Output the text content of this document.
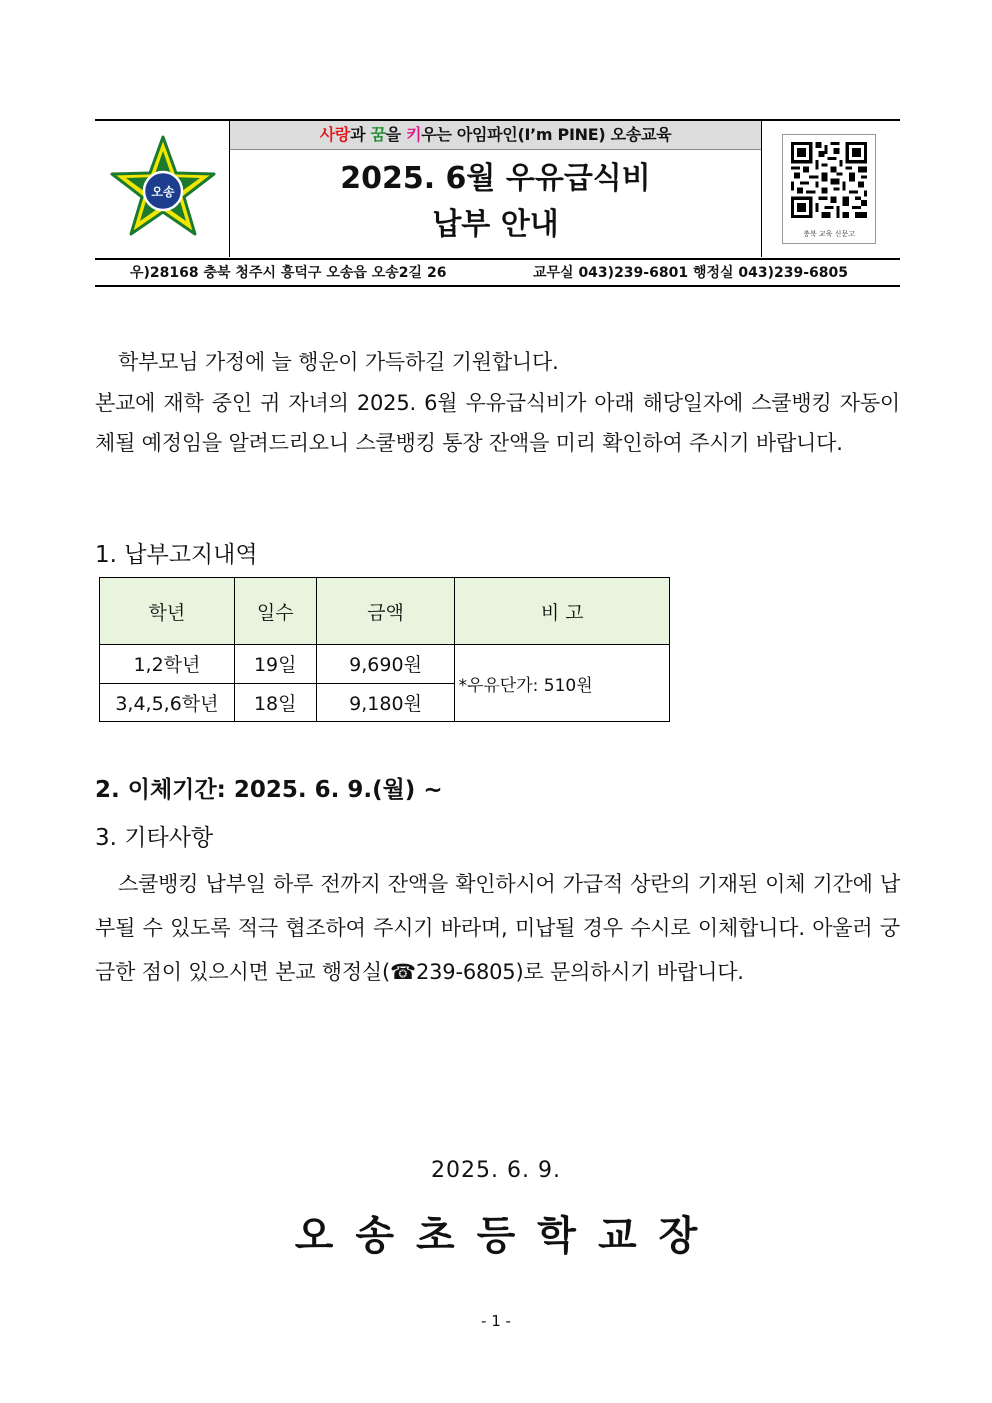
오송
사랑과 꿈을 키우는 아임파인(I’m PINE) 오송교육
2025. 6월 우유급식비
납부 안내	충북 교육 신문고
우)28168 충북 청주시 흥덕구 오송읍 오송2길 26	교무실 043)239-6801 행정실 043)239-6805

학부모님 가정에 늘 행운이 가득하길 기원합니다.

본교에 재학 중인 귀 자녀의 2025. 6월 우유급식비가 아래 해당일자에 스쿨뱅킹 자동이체될 예정임을 알려드리오니 스쿨뱅킹 통장 잔액을 미리 확인하여 주시기 바랍니다.

1. 납부고지내역
학년	일수	금액	비 고
1,2학년	19일	9,690원	*우유단가: 510원
3,4,5,6학년	18일	9,180원	
2. 이체기간: 2025. 6. 9.(월) ~
3. 기타사항

스쿨뱅킹 납부일 하루 전까지 잔액을 확인하시어 가급적 상란의 기재된 이체 기간에 납부될 수 있도록 적극 협조하여 주시기 바라며, 미납될 경우 수시로 이체합니다. 아울러 궁금한 점이 있으시면 본교 행정실(☎239-6805)로 문의하시기 바랍니다.

2025. 6. 9.
오송초등학교장
- 1 -
